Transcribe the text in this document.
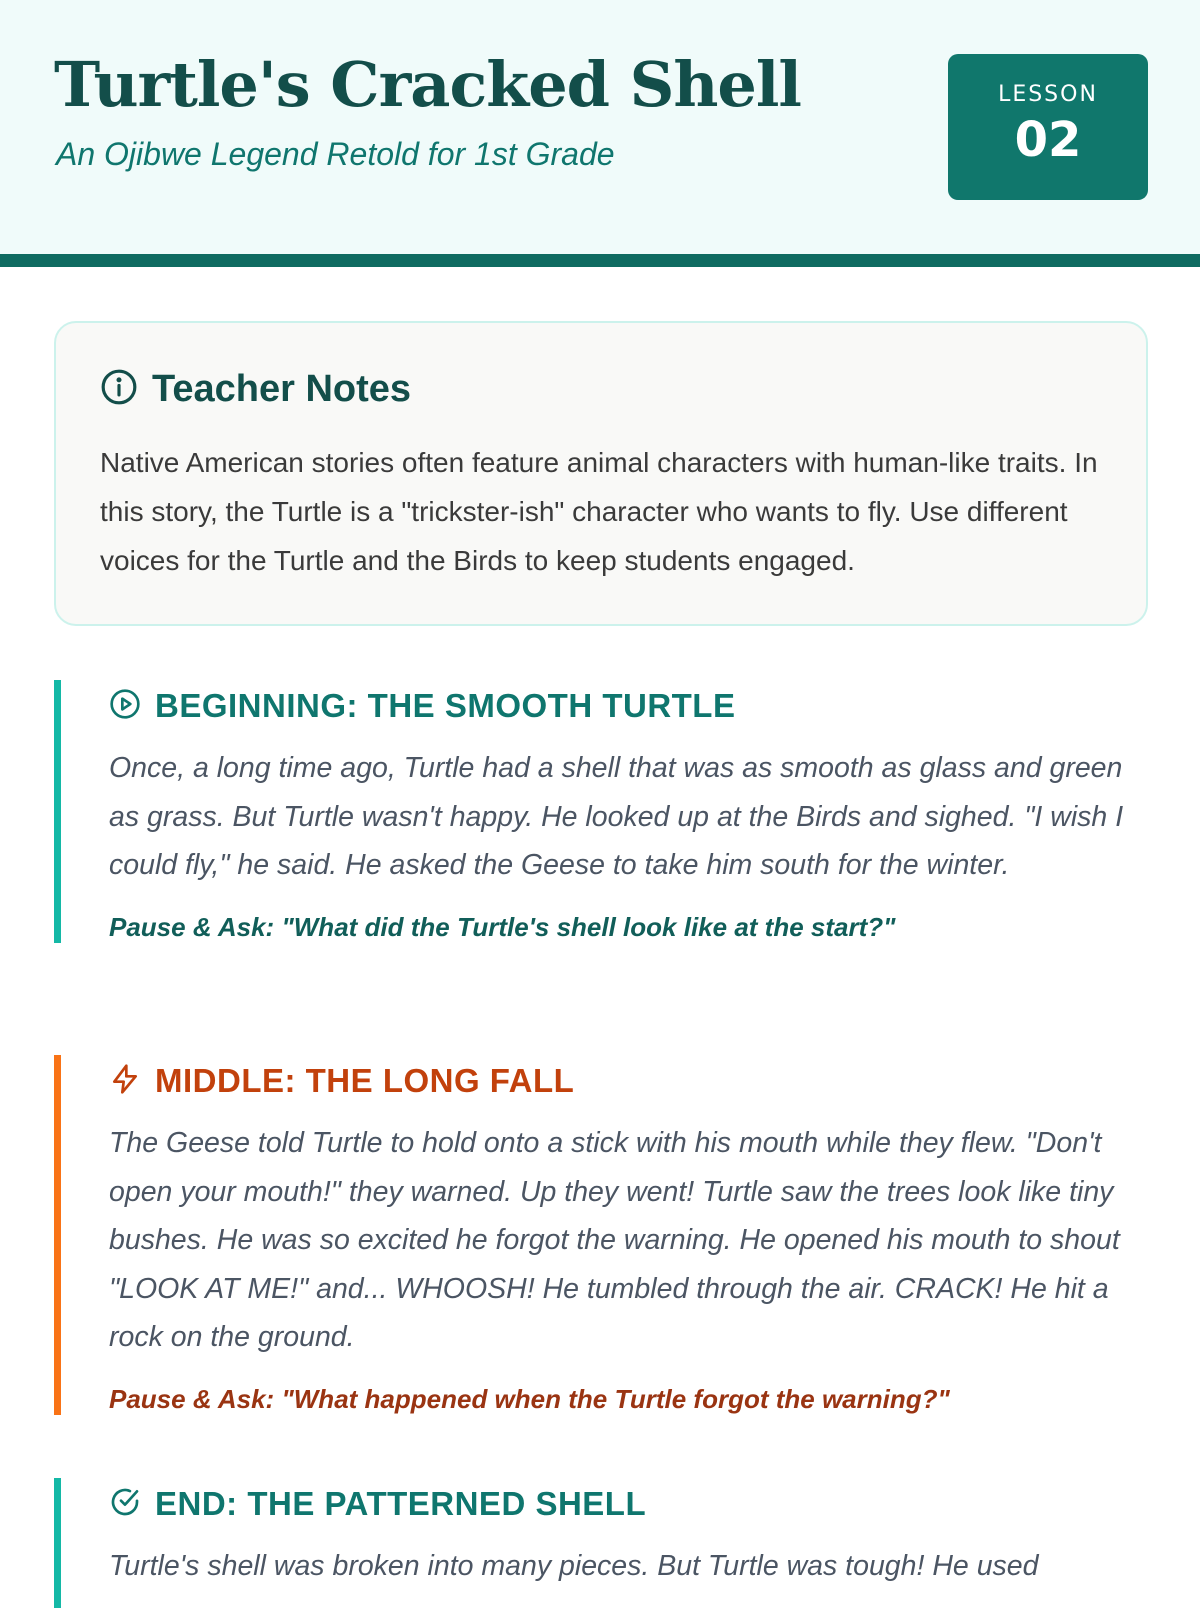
Turtle's Cracked Shell
An Ojibwe Legend Retold for 1st Grade
LESSON
02
Teacher Notes
Native American stories often feature animal characters with human-like traits. In this story, the Turtle is a "trickster-ish" character who wants to fly. Use different voices for the Turtle and the Birds to keep students engaged.
BEGINNING: THE SMOOTH TURTLE
Once, a long time ago, Turtle had a shell that was as smooth as glass and green as grass. But Turtle wasn't happy. He looked up at the Birds and sighed. "I wish I could fly," he said. He asked the Geese to take him south for the winter.
Pause & Ask: "What did the Turtle's shell look like at the start?"
MIDDLE: THE LONG FALL
The Geese told Turtle to hold onto a stick with his mouth while they flew. "Don't open your mouth!" they warned. Up they went! Turtle saw the trees look like tiny bushes. He was so excited he forgot the warning. He opened his mouth to shout "LOOK AT ME!" and... WHOOSH! He tumbled through the air. CRACK! He hit a rock on the ground.
Pause & Ask: "What happened when the Turtle forgot the warning?"
END: THE PATTERNED SHELL
Turtle's shell was broken into many pieces. But Turtle was tough! He used
